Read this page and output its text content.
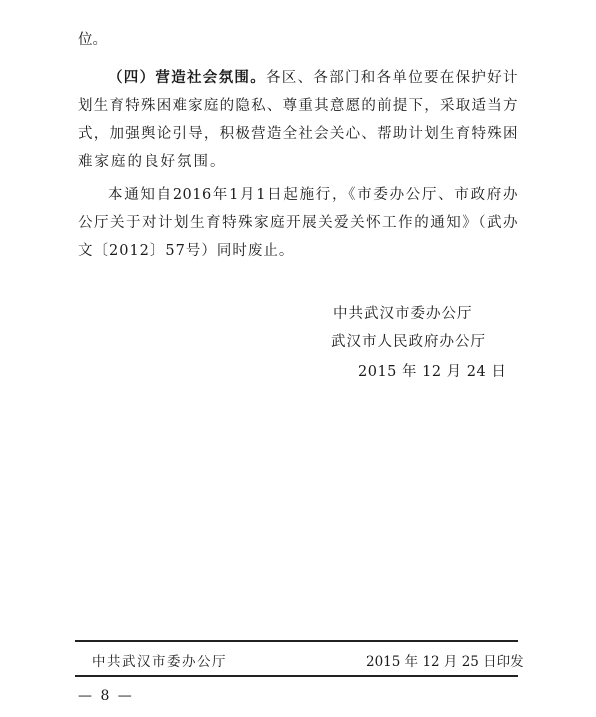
位。
（四）营造社会氛围。各区、各部门和各单位要在保护好计
划生育特殊困难家庭的隐私、尊重其意愿的前提下，采取适当方
式，加强舆论引导，积极营造全社会关心、帮助计划生育特殊困
难家庭的良好氛围。
本通知自2016年1月1日起施行，《市委办公厅、市政府办
公厅关于对计划生育特殊家庭开展关爱关怀工作的通知》（武办
文〔2012〕57号）同时废止。
中共武汉市委办公厅
武汉市人民政府办公厅
2015 年 12 月 24 日
中共武汉市委办公厅	2015 年 12 月 25 日印发
— 8 —
